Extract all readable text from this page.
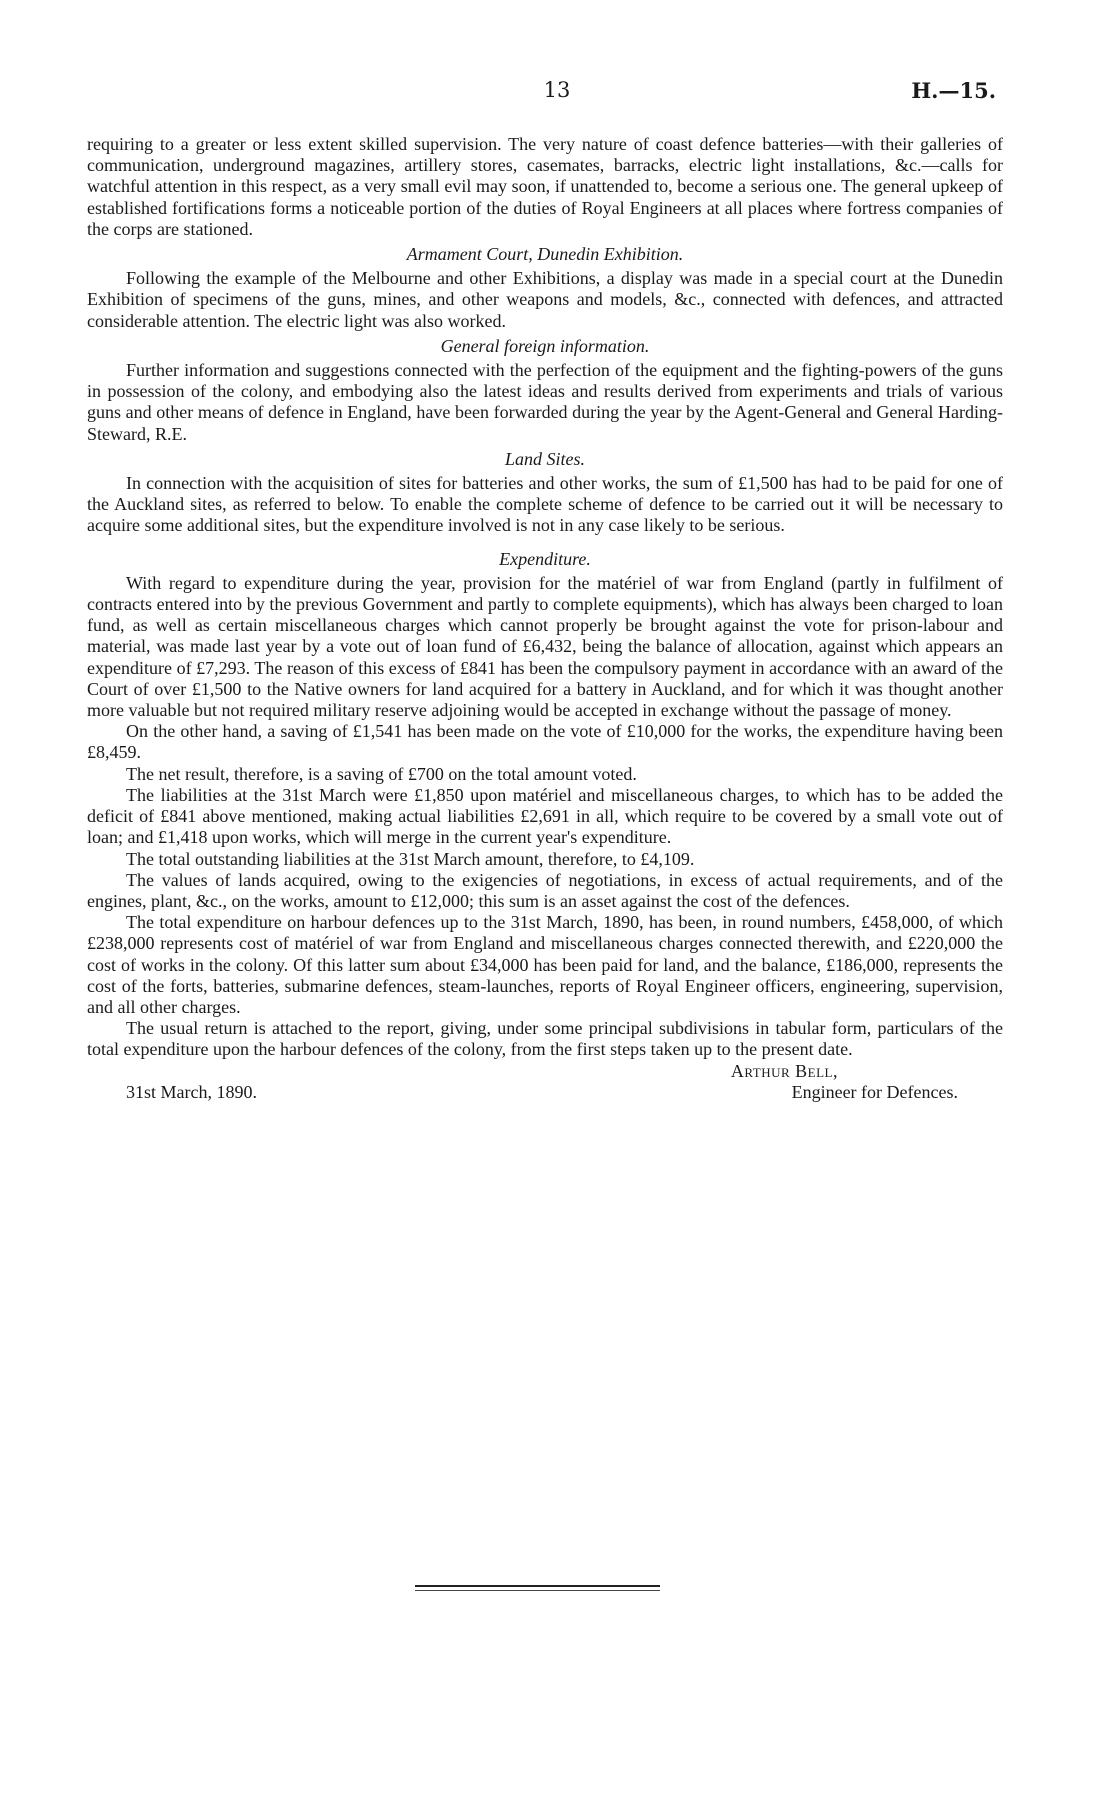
13	H.—15.

requiring to a greater or less extent skilled supervision. The very nature of coast defence batteries—with their galleries of communication, underground magazines, artillery stores, casemates, barracks, electric light installations, &c.—calls for watchful attention in this respect, as a very small evil may soon, if unattended to, become a serious one. The general upkeep of established fortifications forms a noticeable portion of the duties of Royal Engineers at all places where fortress companies of the corps are stationed.

Armament Court, Dunedin Exhibition.

Following the example of the Melbourne and other Exhibitions, a display was made in a special court at the Dunedin Exhibition of specimens of the guns, mines, and other weapons and models, &c., connected with defences, and attracted considerable attention. The electric light was also worked.

General foreign information.

Further information and suggestions connected with the perfection of the equipment and the fighting-powers of the guns in possession of the colony, and embodying also the latest ideas and results derived from experiments and trials of various guns and other means of defence in England, have been forwarded during the year by the Agent-General and General Harding-Steward, R.E.

Land Sites.

In connection with the acquisition of sites for batteries and other works, the sum of £1,500 has had to be paid for one of the Auckland sites, as referred to below. To enable the complete scheme of defence to be carried out it will be necessary to acquire some additional sites, but the expenditure involved is not in any case likely to be serious.

Expenditure.

With regard to expenditure during the year, provision for the matériel of war from England (partly in fulfilment of contracts entered into by the previous Government and partly to complete equipments), which has always been charged to loan fund, as well as certain miscellaneous charges which cannot properly be brought against the vote for prison-labour and material, was made last year by a vote out of loan fund of £6,432, being the balance of allocation, against which appears an expenditure of £7,293. The reason of this excess of £841 has been the compulsory payment in accordance with an award of the Court of over £1,500 to the Native owners for land acquired for a battery in Auckland, and for which it was thought another more valuable but not required military reserve adjoining would be accepted in exchange without the passage of money.

On the other hand, a saving of £1,541 has been made on the vote of £10,000 for the works, the expenditure having been £8,459.

The net result, therefore, is a saving of £700 on the total amount voted.

The liabilities at the 31st March were £1,850 upon matériel and miscellaneous charges, to which has to be added the deficit of £841 above mentioned, making actual liabilities £2,691 in all, which require to be covered by a small vote out of loan; and £1,418 upon works, which will merge in the current year's expenditure.

The total outstanding liabilities at the 31st March amount, therefore, to £4,109.

The values of lands acquired, owing to the exigencies of negotiations, in excess of actual requirements, and of the engines, plant, &c., on the works, amount to £12,000; this sum is an asset against the cost of the defences.

The total expenditure on harbour defences up to the 31st March, 1890, has been, in round numbers, £458,000, of which £238,000 represents cost of matériel of war from England and miscellaneous charges connected therewith, and £220,000 the cost of works in the colony. Of this latter sum about £34,000 has been paid for land, and the balance, £186,000, represents the cost of the forts, batteries, submarine defences, steam-launches, reports of Royal Engineer officers, engineering, supervision, and all other charges.

The usual return is attached to the report, giving, under some principal subdivisions in tabular form, particulars of the total expenditure upon the harbour defences of the colony, from the first steps taken up to the present date.

Arthur Bell,
31st March, 1890.	Engineer for Defences.
